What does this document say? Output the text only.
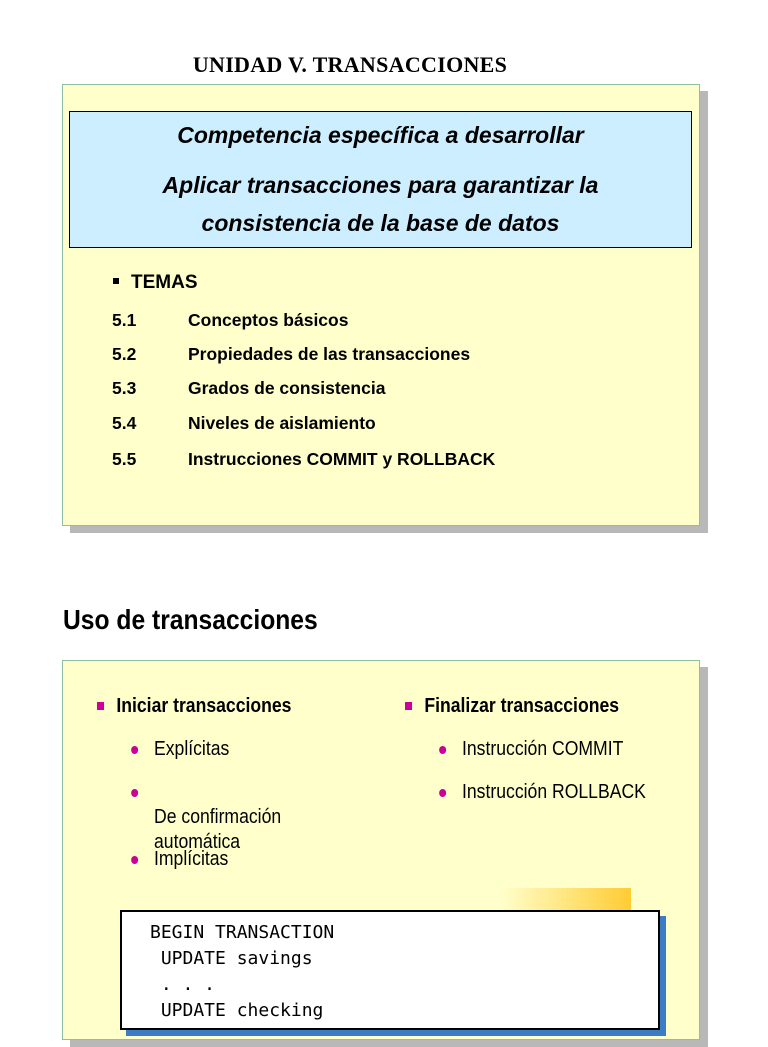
UNIDAD V. TRANSACCIONES
Competencia específica a desarrollar
Aplicar transacciones para garantizar la consistencia de la base de datos
TEMAS
5.1	Conceptos básicos
5.2	Propiedades de las transacciones
5.3	Grados de consistencia
5.4	Niveles de aislamiento
5.5	Instrucciones COMMIT y ROLLBACK
Uso de transacciones
Iniciar transacciones	Finalizar transacciones
Explícitas

De confirmación
automática

Implícitas
Instrucción COMMIT
Instrucción ROLLBACK
BEGIN TRANSACTION
UPDATE savings
. . .
UPDATE checking
